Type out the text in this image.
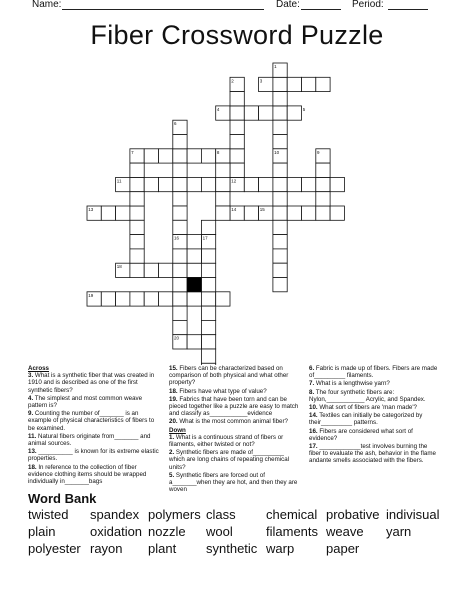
Name:	Date:	Period:
Fiber Crossword Puzzle
1
2	3
4	5
6
7	8	9
10
11	12
13	14	15
16	17
18
19
20
Across
3. What is a synthetic fiber that was created in 1910 and is described as one of the first synthetic fibers?
4. The simplest and most common weave pattern is?
9. Counting the number of_______ is an example of physical characteristics of fibers to be examined.
11. Natural fibers originate from_______ and animal sources.
13. __________ is known for its extreme elastic properties.
18. In reference to the collection of fiber evidence clothing items should be wrapped individually in_______bags
15. Fibers can be characterized based on comparison of both physical and what other property?
18. Fibers have what type of value?
19. Fabrics that have been torn and can be pieced together like a puzzle are easy to match and classify as___________evidence
20. What is the most common animal fiber?
Down
1. What is a continuous strand of fibers or filaments, either twisted or not?
2. Synthetic fibers are made of_________ which are long chains of repeating chemical units?
5. Synthetic fibers are forced out of a_______when they are hot, and then they are woven
6. Fabric is made up of fibers. Fibers are made of_________ filaments.
7. What is a lengthwise yarn?
8. The four synthetic fibers are: Nylon,___________ Acrylic, and Spandex.
10. What sort of fibers are 'man made'?
14. Textiles can initially be categorized by their_________ patterns.
16. Fibers are considered what sort of evidence?
17. ____________test involves burning the fiber to evaluate the ash, behavior in the flame andante smells associated with the fibers.
Word Bank
twisted spandex polymers class chemical probative indivisual
plain	oxidation nozzle wool	filaments weave yarn
polyester rayon plant synthetic warp paper
